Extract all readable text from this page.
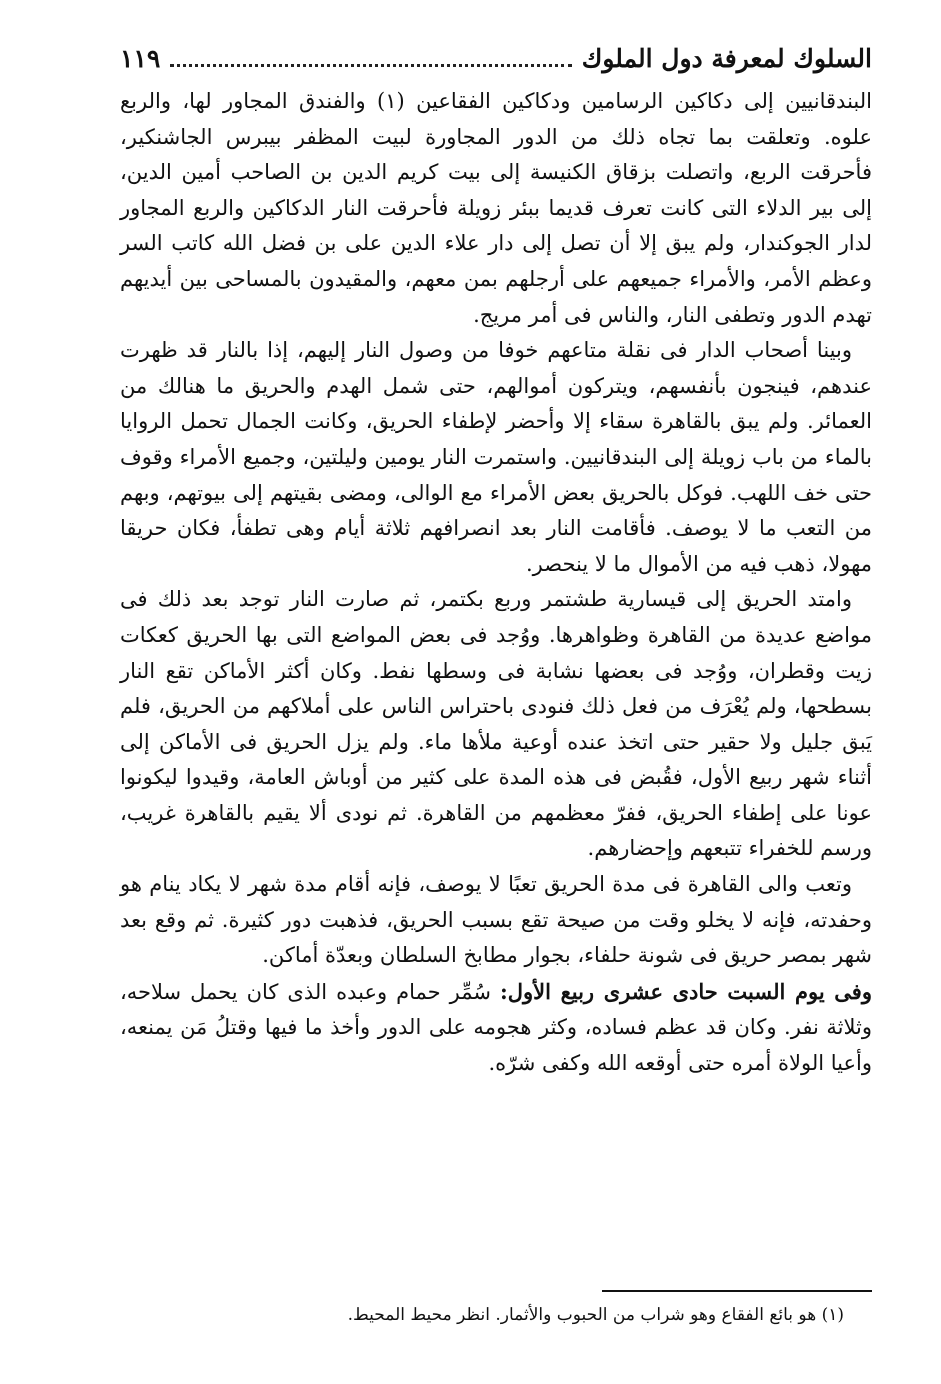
السلوك لمعرفة دول الملوك
١١٩

البندقانيين إلى دكاكين الرسامين ودكاكين الفقاعين (١) والفندق المجاور لها، والربع علوه. وتعلقت بما تجاه ذلك من الدور المجاورة لبيت المظفر بيبرس الجاشنكير، فأحرقت الربع، واتصلت بزقاق الكنيسة إلى بيت كريم الدين بن الصاحب أمين الدين، إلى بير الدلاء التى كانت تعرف قديما ببئر زويلة فأحرقت النار الدكاكين والربع المجاور لدار الجوكندار، ولم يبق إلا أن تصل إلى دار علاء الدين على بن فضل الله كاتب السر وعظم الأمر، والأمراء جميعهم على أرجلهم بمن معهم، والمقيدون بالمساحى بين أيديهم تهدم الدور وتطفى النار، والناس فى أمر مريج.

وبينا أصحاب الدار فى نقلة متاعهم خوفا من وصول النار إليهم، إذا بالنار قد ظهرت عندهم، فينجون بأنفسهم، ويتركون أموالهم، حتى شمل الهدم والحريق ما هنالك من العمائر. ولم يبق بالقاهرة سقاء إلا وأحضر لإطفاء الحريق، وكانت الجمال تحمل الروايا بالماء من باب زويلة إلى البندقانيين. واستمرت النار يومين وليلتين، وجميع الأمراء وقوف حتى خف اللهب. فوكل بالحريق بعض الأمراء مع الوالى، ومضى بقيتهم إلى بيوتهم، وبهم من التعب ما لا يوصف. فأقامت النار بعد انصرافهم ثلاثة أيام وهى تطفأ، فكان حريقا مهولا، ذهب فيه من الأموال ما لا ينحصر.

وامتد الحريق إلى قيسارية طشتمر وربع بكتمر، ثم صارت النار توجد بعد ذلك فى مواضع عديدة من القاهرة وظواهرها. ووُجد فى بعض المواضع التى بها الحريق كعكات زيت وقطران، ووُجد فى بعضها نشابة فى وسطها نفط. وكان أكثر الأماكن تقع النار بسطحها، ولم يُعْرَف من فعل ذلك فنودى باحتراس الناس على أملاكهم من الحريق، فلم يَبق جليل ولا حقير حتى اتخذ عنده أوعية ملأها ماء. ولم يزل الحريق فى الأماكن إلى أثناء شهر ربيع الأول، فقُبض فى هذه المدة على كثير من أوباش العامة، وقيدوا ليكونوا عونا على إطفاء الحريق، ففرّ معظمهم من القاهرة. ثم نودى ألا يقيم بالقاهرة غريب، ورسم للخفراء تتبعهم وإحضارهم.

وتعب والى القاهرة فى مدة الحريق تعبًا لا يوصف، فإنه أقام مدة شهر لا يكاد ينام هو وحفدته، فإنه لا يخلو وقت من صيحة تقع بسبب الحريق، فذهبت دور كثيرة. ثم وقع بعد شهر بمصر حريق فى شونة حلفاء، بجوار مطابخ السلطان وبعدّة أماكن.

وفى يوم السبت حادى عشرى ربيع الأول: سُمِّر حمام وعبده الذى كان يحمل سلاحه، وثلاثة نفر. وكان قد عظم فساده، وكثر هجومه على الدور وأخذ ما فيها وقتلُ مَن يمنعه، وأعيا الولاة أمره حتى أوقعه الله وكفى شرّه.

(١) هو بائع الفقاع وهو شراب من الحبوب والأثمار. انظر محيط المحيط.
